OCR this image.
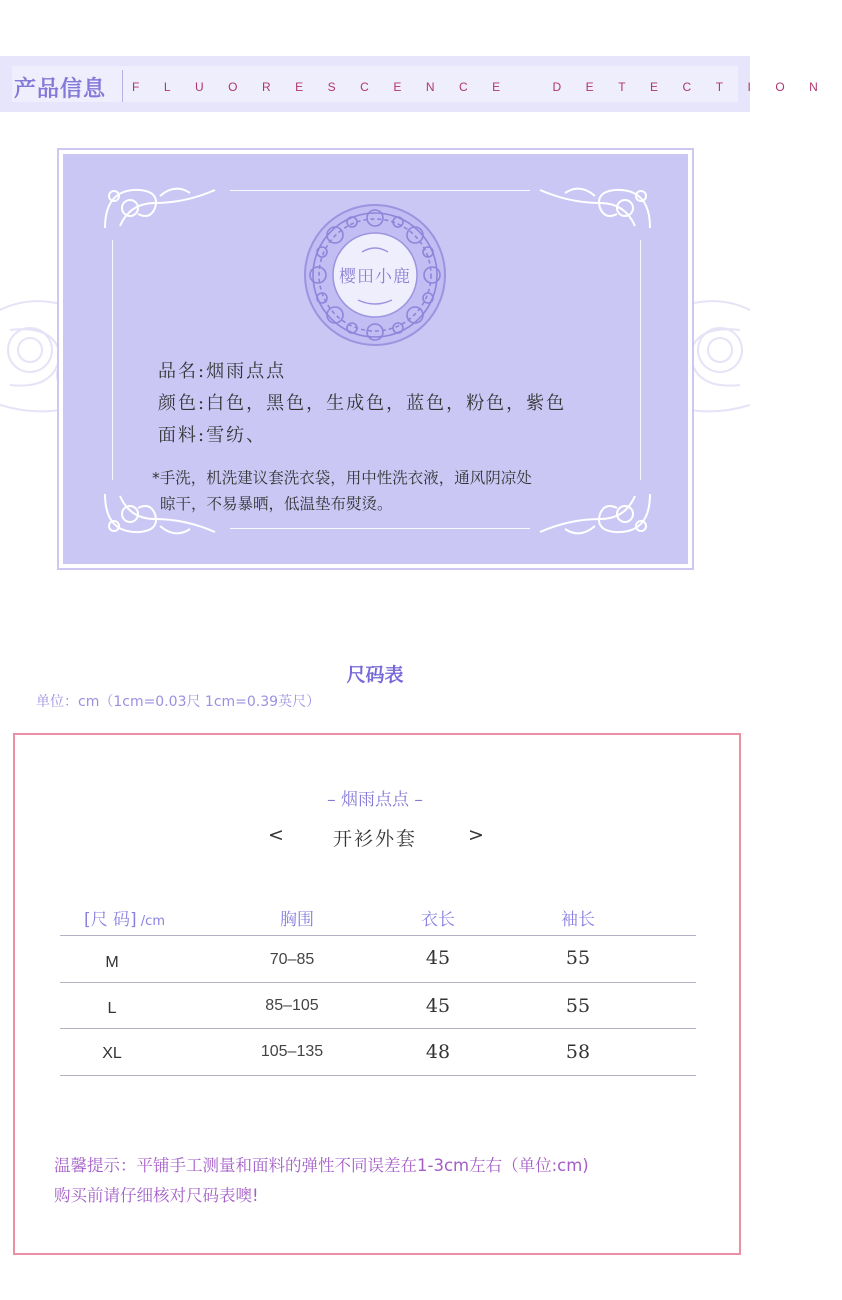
产品信息 FLUORESCENCE DETECTION
樱田小鹿
品名:烟雨点点
颜色:白色，黑色，生成色，蓝色，粉色，紫色
面料:雪纺、
*手洗，机洗建议套洗衣袋，用中性洗衣液，通风阴凉处
晾干，不易暴晒，低温垫布熨烫。
尺码表
单位：cm（1cm=0.03尺 1cm=0.39英尺）
– 烟雨点点 –
<	开衫外套	>
[尺 码] /cm	胸围	衣长	袖长
M	70–85	45	55
L	85–105	45	55
XL	105–135	48	58
温馨提示：平铺手工测量和面料的弹性不同误差在1-3cm左右（单位:cm)
购买前请仔细核对尺码表噢!
